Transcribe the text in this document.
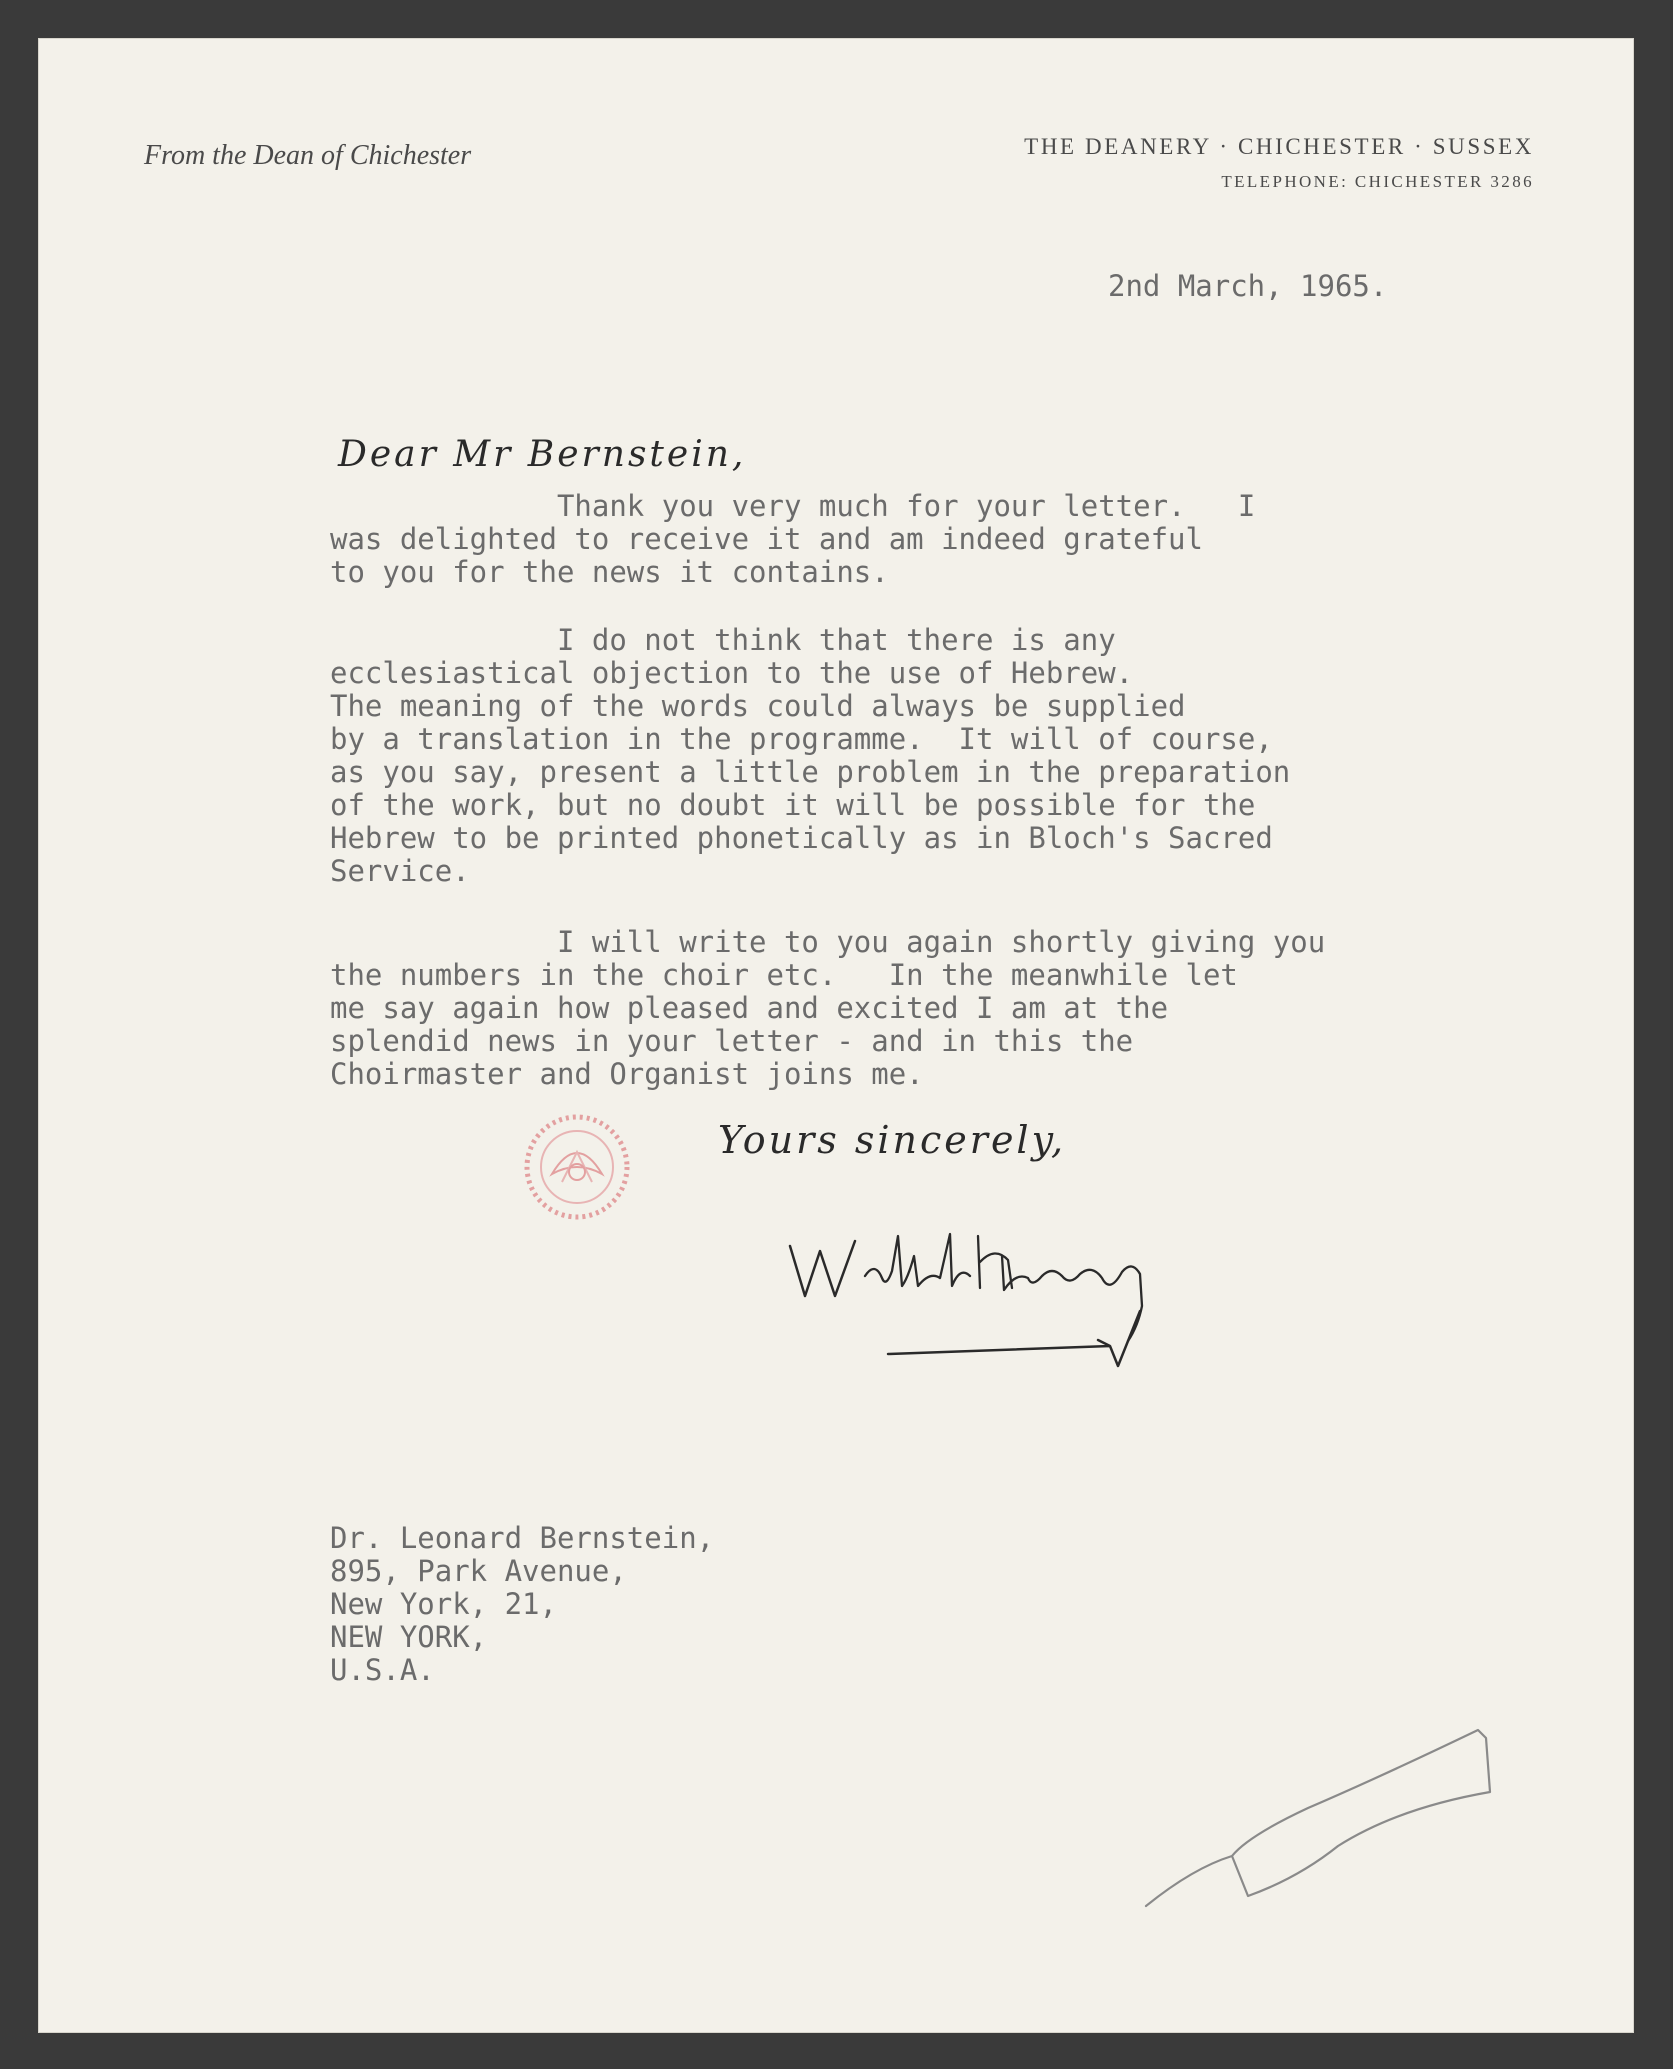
From the Dean of Chichester	THE DEANERY · CHICHESTER · SUSSEX
TELEPHONE: CHICHESTER 3286
2nd March, 1965.
Dear Mr Bernstein,
Thank you very much for your letter.   I
was delighted to receive it and am indeed grateful
to you for the news it contains.
I do not think that there is any
ecclesiastical objection to the use of Hebrew.
The meaning of the words could always be supplied
by a translation in the programme.  It will of course,
as you say, present a little problem in the preparation
of the work, but no doubt it will be possible for the
Hebrew to be printed phonetically as in Bloch's Sacred
Service.
I will write to you again shortly giving you
the numbers in the choir etc.   In the meanwhile let
me say again how pleased and excited I am at the
splendid news in your letter - and in this the
Choirmaster and Organist joins me.
Yours sincerely,
Dr. Leonard Bernstein,
895, Park Avenue,
New York, 21,
NEW YORK,
U.S.A.
